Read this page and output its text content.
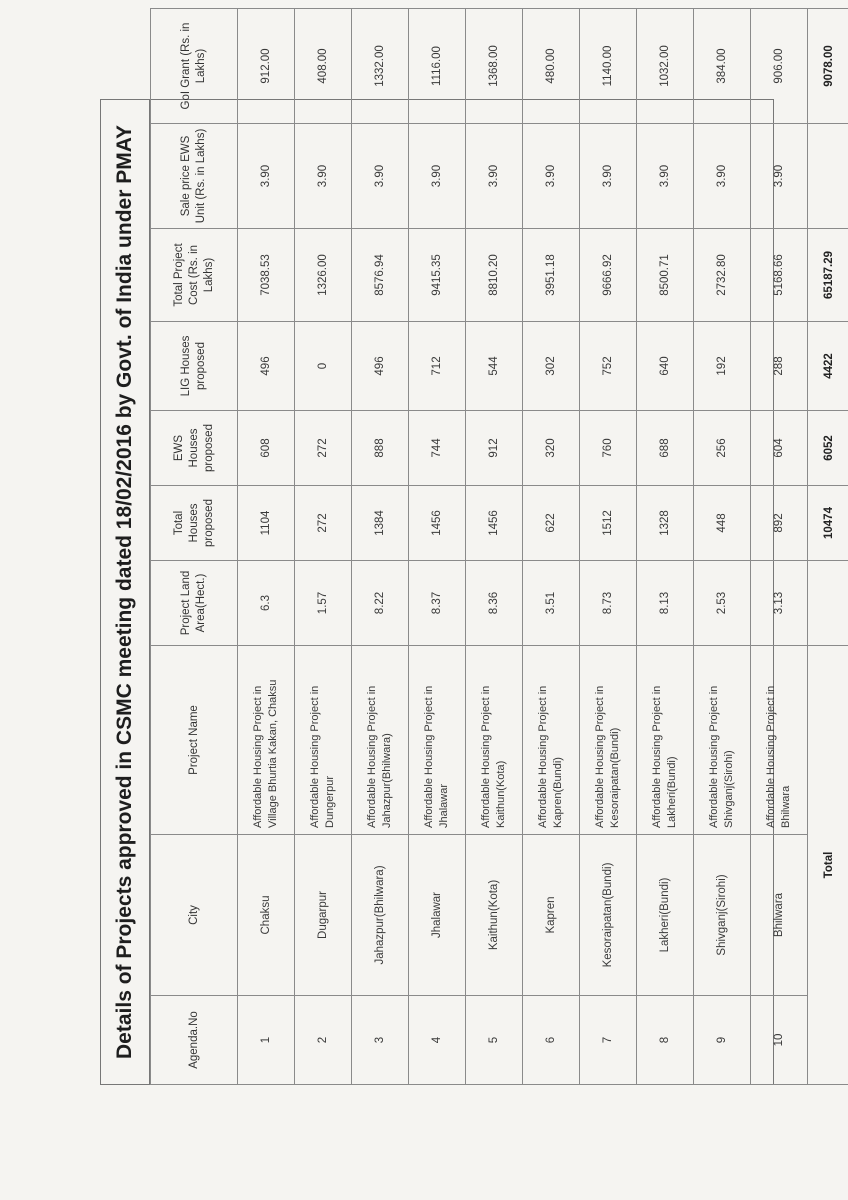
Details of Projects approved in CSMC meeting dated 18/02/2016 by Govt. of India under PMAY	Agenda.No	City	Project Name	Project Land Area(Hect.)	Total Houses proposed	EWS Houses proposed	LIG Houses proposed	Total Project Cost (Rs. in Lakhs)	Sale price EWS Unit (Rs. in Lakhs)	GoI Grant (Rs. in Lakhs)
1	Chaksu	Affordable Housing Project in Village Bhurtia Kakan, Chaksu	6.3	1104	608	496	7038.53	3.90	912.00
2	Dugarpur	Affordable Housing Project in Dungerpur	1.57	272	272	0	1326.00	3.90	408.00
3	Jahazpur(Bhilwara)	Affordable Housing Project in Jahazpur(Bhilwara)	8.22	1384	888	496	8576.94	3.90	1332.00
4	Jhalawar	Affordable Housing Project in Jhalawar	8.37	1456	744	712	9415.35	3.90	1116.00
5	Kaithun(Kota)	Affordable Housing Project in Kaithun(Kota)	8.36	1456	912	544	8810.20	3.90	1368.00
6	Kapren	Affordable Housing Project in Kapren(Bundi)	3.51	622	320	302	3951.18	3.90	480.00
7	Kesoraipatan(Bundi)	Affordable Housing Project in Kesoraipatan(Bundi)	8.73	1512	760	752	9666.92	3.90	1140.00
8	Lakheri(Bundi)	Affordable Housing Project in Lakheri(Bundi)	8.13	1328	688	640	8500.71	3.90	1032.00
9	Shivganj(Sirohi)	Affordable Housing Project in Shivganj(Sirohi)	2.53	448	256	192	2732.80	3.90	384.00
10	Bhilwara	Affordable Housing Project in Bhilwara	3.13	892	604	288	5168.66	3.90	906.00
Total				10474	6052	4422	65187.29		9078.00
